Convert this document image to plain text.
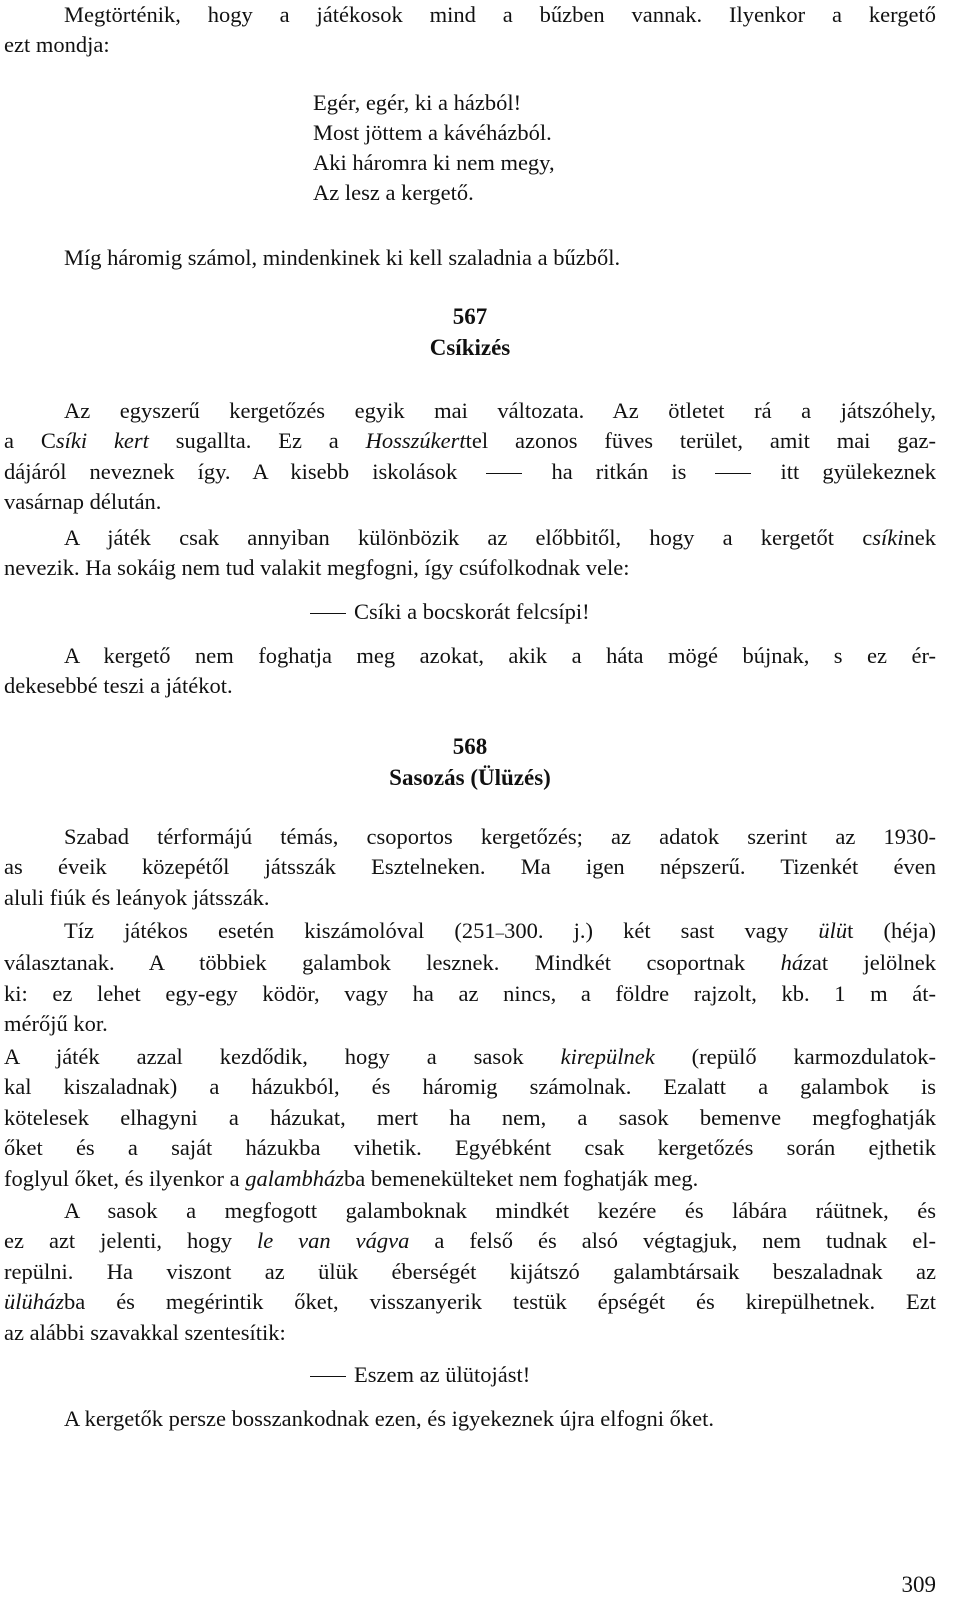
Megtörténik, hogy a játékosok mind a bűzben vannak. Ilyenkor a kergető

ezt mondja:

Egér, egér, ki a házból!
Most jöttem a kávéházból.
Aki háromra ki nem megy,
Az lesz a kergető.
Míg háromig számol, mindenkinek ki kell szaladnia a bűzből.
567
Csíkizés

Az egyszerű kergetőzés egyik mai változata. Az ötletet rá a játszóhely,

a Csíki kert sugallta. Ez a Hosszúkerttel azonos füves terület, amit mai gaz-

dájáról neveznek így. A kisebb iskolások	ha ritkán is	itt gyülekeznek

vasárnap délután.

A játék csak annyiban különbözik az előbbitől, hogy a kergetőt csíkinek

nevezik. Ha sokáig nem tud valakit megfogni, így csúfolkodnak vele:

Csíki a bocskorát felcsípi!

A kergető nem foghatja meg azokat, akik a háta mögé bújnak, s ez ér-

dekesebbé teszi a játékot.

568
Sasozás (Ülüzés)

Szabad térformájú témás, csoportos kergetőzés; az adatok szerint az 1930-

as éveik közepétől játsszák Esztelneken. Ma igen népszerű. Tizenkét éven

aluli fiúk és leányok játsszák.

Tíz játékos esetén kiszámolóval (251–300. j.) két sast vagy ülüt (héja)

választanak. A többiek galambok lesznek. Mindkét csoportnak házat jelölnek

ki: ez lehet egy-egy ködör, vagy ha az nincs, a földre rajzolt, kb. 1 m át-

mérőjű kor.

A játék azzal kezdődik, hogy a sasok kirepülnek (repülő karmozdulatok-

kal kiszaladnak) a házukból, és háromig számolnak. Ezalatt a galambok is

kötelesek elhagyni a házukat, mert ha nem, a sasok bemenve megfoghatják

őket és a saját házukba vihetik. Egyébként csak kergetőzés során ejthetik

foglyul őket, és ilyenkor a galambházba bemenekülteket nem foghatják meg.

A sasok a megfogott galamboknak mindkét kezére és lábára ráütnek, és

ez azt jelenti, hogy le van vágva a felső és alsó végtagjuk, nem tudnak el-

repülni. Ha viszont az ülük éberségét kijátszó galambtársaik beszaladnak az

ülüházba és megérintik őket, visszanyerik testük épségét és kirepülhetnek. Ezt

az alábbi szavakkal szentesítik:

Eszem az ülütojást!
A kergetők persze bosszankodnak ezen, és igyekeznek újra elfogni őket.
309
